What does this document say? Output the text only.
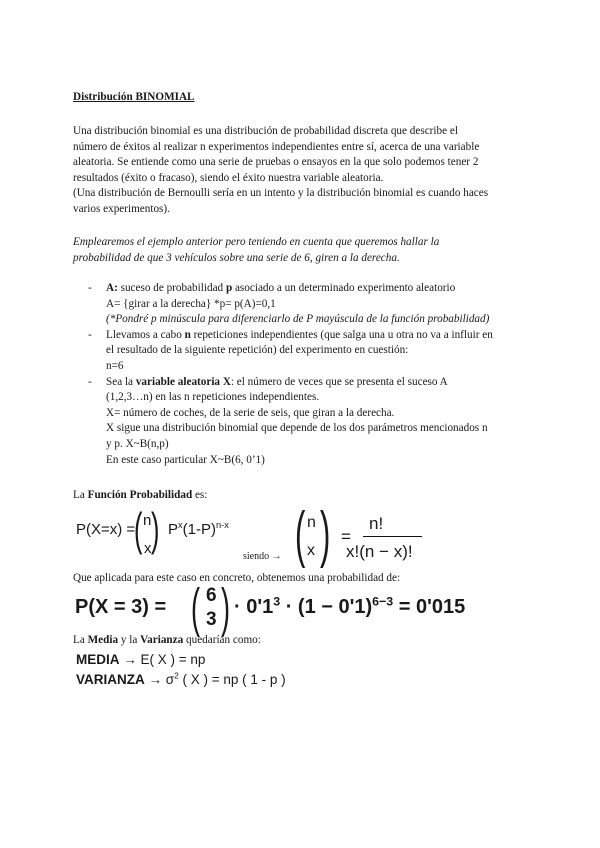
Distribución BINOMIAL
Una distribución binomial es una distribución de probabilidad discreta que describe el
número de éxitos al realizar n experimentos independientes entre sí, acerca de una variable
aleatoria. Se entiende como una serie de pruebas o ensayos en la que solo podemos tener 2
resultados (éxito o fracaso), siendo el éxito nuestra variable aleatoria.
(Una distribución de Bernoulli sería en un intento y la distribución binomial es cuando haces
varios experimentos).
Emplearemos el ejemplo anterior pero teniendo en cuenta que queremos hallar la
probabilidad de que 3 vehículos sobre una serie de 6, giren a la derecha.
- A: suceso de probabilidad p asociado a un determinado experimento aleatorio
A= {girar a la derecha} *p= p(A)=0,1
(*Pondré p minúscula para diferenciarlo de P mayúscula de la función probabilidad)
- Llevamos a cabo n repeticiones independientes (que salga una u otra no va a influir en
el resultado de la siguiente repetición) del experimento en cuestión:
n=6
- Sea la variable aleatoria X: el número de veces que se presenta el suceso A
(1,2,3…n) en las n repeticiones independientes.
X= número de coches, de la serie de seis, que giran a la derecha.
X sigue una distribución binomial que depende de los dos parámetros mencionados n
y p. X~B(n,p)
En este caso particular X~B(6, 0’1)
La Función Probabilidad es:
P(X=x) =
( n
x ) $P^x(1-P)^{n-x}$
siendo → ( n
x ) =
n!
x!(n − x)!
Que aplicada para este caso en concreto, obtenemos una probabilidad de:
P(X = 3) = ( 6
3 ) · $0'1^3 \cdot (1 - 0'1)^{6-3} = 0'015$
La Media y la Varianza quedarían como:
MEDIA → E( X ) = np
VARIANZA → $\sigma^2$ ( X ) = np ( 1 - p )
